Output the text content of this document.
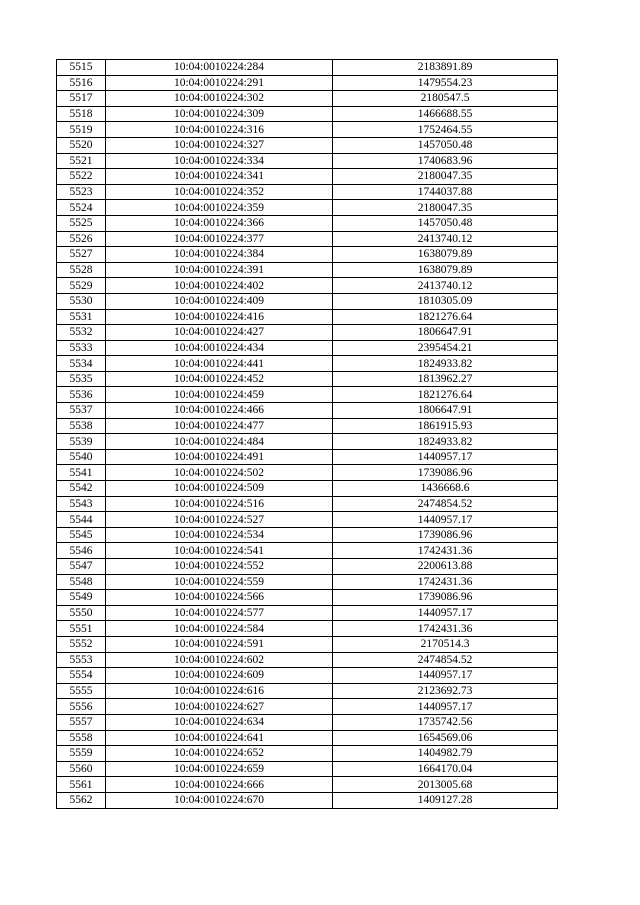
5515	10:04:0010224:284	2183891.89
5516	10:04:0010224:291	1479554.23
5517	10:04:0010224:302	2180547.5
5518	10:04:0010224:309	1466688.55
5519	10:04:0010224:316	1752464.55
5520	10:04:0010224:327	1457050.48
5521	10:04:0010224:334	1740683.96
5522	10:04:0010224:341	2180047.35
5523	10:04:0010224:352	1744037.88
5524	10:04:0010224:359	2180047.35
5525	10:04:0010224:366	1457050.48
5526	10:04:0010224:377	2413740.12
5527	10:04:0010224:384	1638079.89
5528	10:04:0010224:391	1638079.89
5529	10:04:0010224:402	2413740.12
5530	10:04:0010224:409	1810305.09
5531	10:04:0010224:416	1821276.64
5532	10:04:0010224:427	1806647.91
5533	10:04:0010224:434	2395454.21
5534	10:04:0010224:441	1824933.82
5535	10:04:0010224:452	1813962.27
5536	10:04:0010224:459	1821276.64
5537	10:04:0010224:466	1806647.91
5538	10:04:0010224:477	1861915.93
5539	10:04:0010224:484	1824933.82
5540	10:04:0010224:491	1440957.17
5541	10:04:0010224:502	1739086.96
5542	10:04:0010224:509	1436668.6
5543	10:04:0010224:516	2474854.52
5544	10:04:0010224:527	1440957.17
5545	10:04:0010224:534	1739086.96
5546	10:04:0010224:541	1742431.36
5547	10:04:0010224:552	2200613.88
5548	10:04:0010224:559	1742431.36
5549	10:04:0010224:566	1739086.96
5550	10:04:0010224:577	1440957.17
5551	10:04:0010224:584	1742431.36
5552	10:04:0010224:591	2170514.3
5553	10:04:0010224:602	2474854.52
5554	10:04:0010224:609	1440957.17
5555	10:04:0010224:616	2123692.73
5556	10:04:0010224:627	1440957.17
5557	10:04:0010224:634	1735742.56
5558	10:04:0010224:641	1654569.06
5559	10:04:0010224:652	1404982.79
5560	10:04:0010224:659	1664170.04
5561	10:04:0010224:666	2013005.68
5562	10:04:0010224:670	1409127.28
